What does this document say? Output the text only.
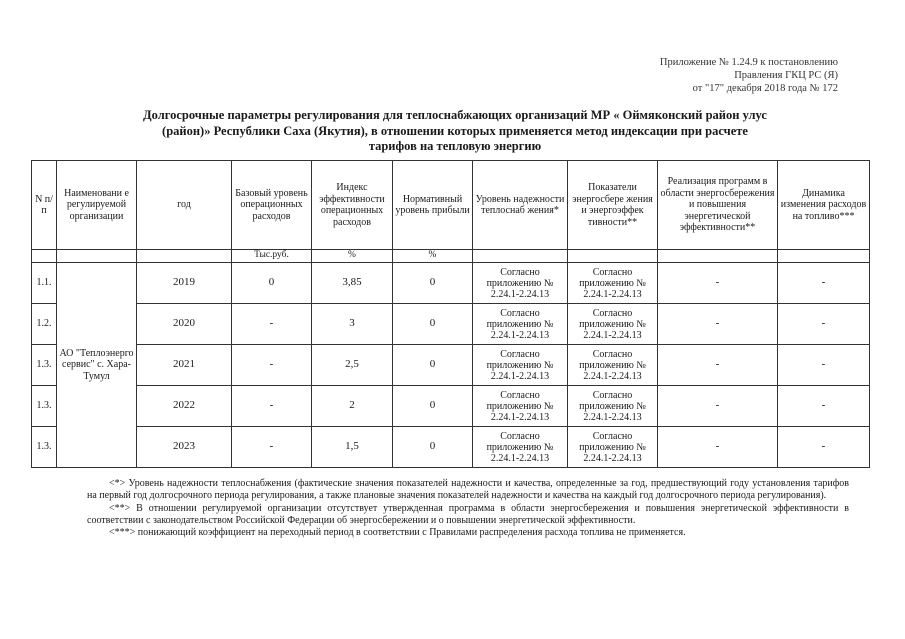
Приложение № 1.24.9 к постановлению
Правления ГКЦ РС (Я)
от "17" декабря 2018 года № 172
Долгосрочные параметры регулирования для теплоснабжающих организаций МР « Оймяконский район улус
(район)» Республики Саха (Якутия), в отношении которых применяется метод индексации при расчете
тарифов на тепловую энергию
N п/п	Наименовани е регулируемой организации	год	Базовый уровень операционных расходов	Индекс эффективности операционных расходов	Нормативный уровень прибыли	Уровень надежности теплоснаб жения*	Показатели энергосбере жения и энергоэффек тивности**	Реализация программ в области энергосбережения и повышения энергетической эффективности**	Динамика изменения расходов на топливо***
			Тыс.руб.	%	%				
1.1.	АО "Теплоэнерго сервис" с. Хара-Тумул	2019	0	3,85	0	Согласно приложению № 2.24.1-2.24.13	Согласно приложению № 2.24.1-2.24.13	-	-
1.2.		2020	-	3	0	Согласно приложению № 2.24.1-2.24.13	Согласно приложению № 2.24.1-2.24.13	-	-
1.3.		2021	-	2,5	0	Согласно приложению № 2.24.1-2.24.13	Согласно приложению № 2.24.1-2.24.13	-	-
1.3.		2022	-	2	0	Согласно приложению № 2.24.1-2.24.13	Согласно приложению № 2.24.1-2.24.13	-	-
1.3.		2023	-	1,5	0	Согласно приложению № 2.24.1-2.24.13	Согласно приложению № 2.24.1-2.24.13	-	-

<*> Уровень надежности теплоснабжения (фактические значения показателей надежности и качества, определенные за год, предшествующий году установления тарифов на первый год долгосрочного периода регулирования, а также плановые значения показателей надежности и качества на каждый год долгосрочного периода регулирования).

<**> В отношении регулируемой организации отсутствует утвержденная программа в области энергосбережения и повышения энергетической эффективности в соответствии с законодательством Российской Федерации об энергосбережении и о повышении энергетической эффективности.

<***> понижающий коэффициент на переходный период в соответствии с Правилами распределения расхода топлива не применяется.
